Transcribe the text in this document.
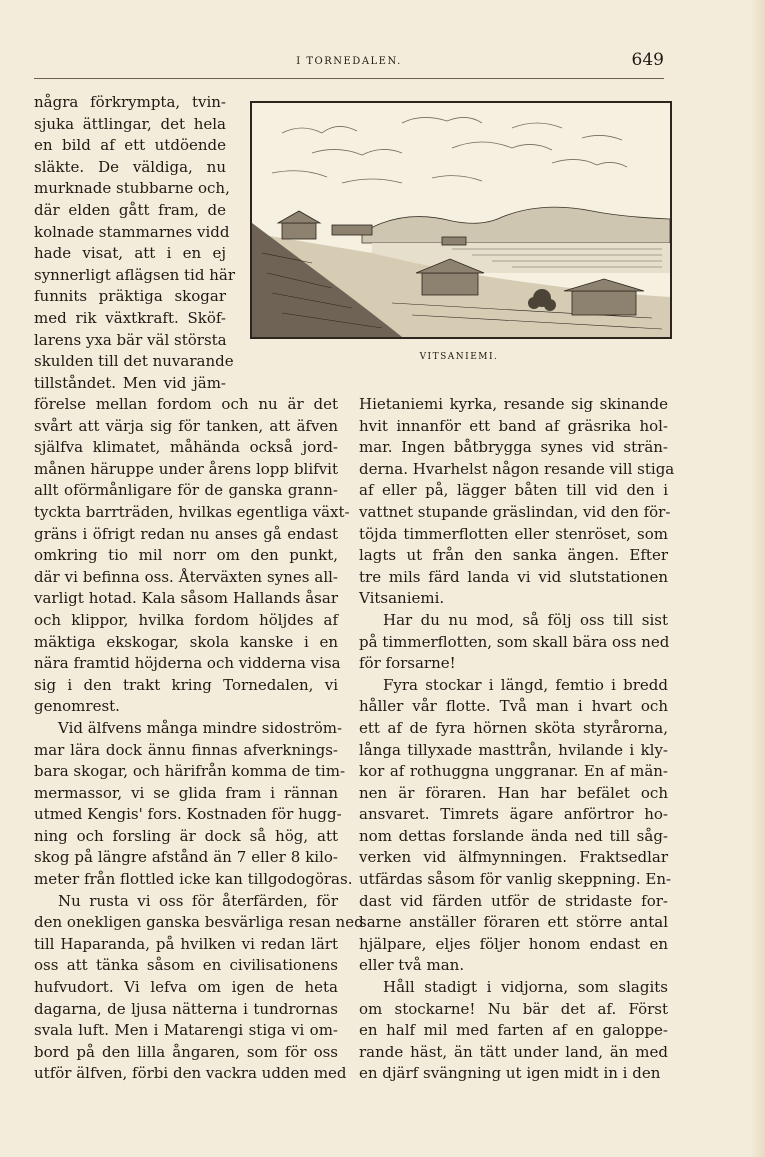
I TORNEDALEN.	649
VITSANIEMI.
några förkrympta, tvin-
sjuka ättlingar, det hela
en bild af ett utdöende
släkte. De väldiga, nu
murknade stubbarne och,
där elden gått fram, de
kolnade stammarnes vidd
hade visat, att i en ej
synnerligt aflägsen tid här
funnits präktiga skogar
med rik växtkraft. Sköf-
larens yxa bär väl största
skulden till det nuvarande
tillståndet. Men vid jäm-
förelse mellan fordom och nu är det
svårt att värja sig för tanken, att äfven
själfva klimatet, måhända också jord-
månen häruppe under årens lopp blifvit
allt oförmånligare för de ganska grann-
tyckta barrträden, hvilkas egentliga växt-
gräns i öfrigt redan nu anses gå endast
omkring tio mil norr om den punkt,
där vi befinna oss. Återväxten synes all-
varligt hotad. Kala såsom Hallands åsar
och klippor, hvilka fordom höljdes af
mäktiga ekskogar, skola kanske i en
nära framtid höjderna och vidderna visa
sig i den trakt kring Tornedalen, vi
genomrest.
Vid älfvens många mindre sidoström-
mar lära dock ännu finnas afverknings-
bara skogar, och härifrån komma de tim-
mermassor, vi se glida fram i rännan
utmed Kengis' fors. Kostnaden för hugg-
ning och forsling är dock så hög, att
skog på längre afstånd än 7 eller 8 kilo-
meter från flottled icke kan tillgodogöras.
Nu rusta vi oss för återfärden, för
den onekligen ganska besvärliga resan ned
till Haparanda, på hvilken vi redan lärt
oss att tänka såsom en civilisationens
hufvudort. Vi lefva om igen de heta
dagarna, de ljusa nätterna i tundrornas
svala luft. Men i Matarengi stiga vi om-
bord på den lilla ångaren, som för oss
utför älfven, förbi den vackra udden med
Hietaniemi kyrka, resande sig skinande
hvit innanför ett band af gräsrika hol-
mar. Ingen båtbrygga synes vid strän-
derna. Hvarhelst någon resande vill stiga
af eller på, lägger båten till vid den i
vattnet stupande gräslindan, vid den för-
töjda timmerflotten eller stenröset, som
lagts ut från den sanka ängen. Efter
tre mils färd landa vi vid slutstationen
Vitsaniemi.
Har du nu mod, så följ oss till sist
på timmerflotten, som skall bära oss ned
för forsarne!
Fyra stockar i längd, femtio i bredd
håller vår flotte. Två man i hvart och
ett af de fyra hörnen sköta styrårorna,
långa tillyxade masttrån, hvilande i kly-
kor af rothuggna unggranar. En af män-
nen är föraren. Han har befälet och
ansvaret. Timrets ägare anförtror ho-
nom dettas forslande ända ned till såg-
verken vid älfmynningen. Fraktsedlar
utfärdas såsom för vanlig skeppning. En-
dast vid färden utför de stridaste for-
sarne anställer föraren ett större antal
hjälpare, eljes följer honom endast en
eller två man.
Håll stadigt i vidjorna, som slagits
om stockarne! Nu bär det af. Först
en half mil med farten af en galoppe-
rande häst, än tätt under land, än med
en djärf svängning ut igen midt in i den
